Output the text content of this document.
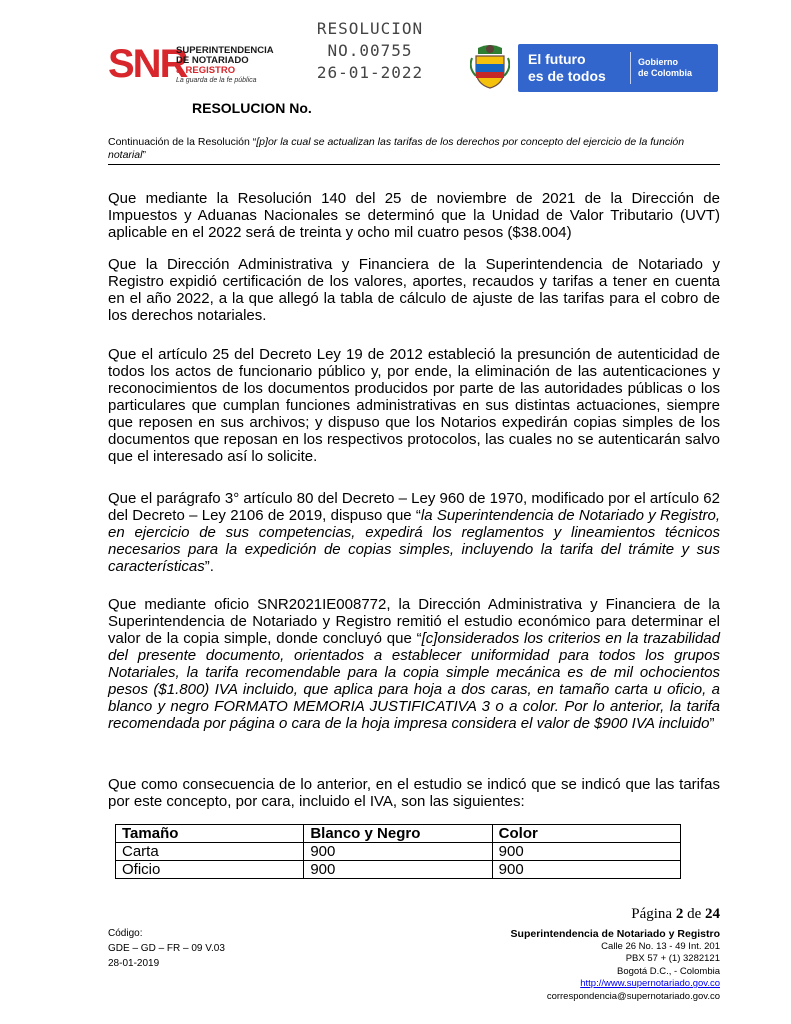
SNR
SUPERINTENDENCIA
DE NOTARIADO
& REGISTRO
La guarda de la fe pública
RESOLUCION
NO.00755
26-01-2022
El futuro
es de todos
Gobierno
de Colombia
RESOLUCION No.
Continuación de la Resolución “[p]or la cual se actualizan las tarifas de los derechos por concepto del ejercicio de la función notarial”
Que mediante la Resolución 140 del 25 de noviembre de 2021 de la Dirección de Impuestos y Aduanas Nacionales se determinó que la Unidad de Valor Tributario (UVT) aplicable en el 2022 será de treinta y ocho mil cuatro pesos ($38.004)
Que la Dirección Administrativa y Financiera de la Superintendencia de Notariado y Registro expidió certificación de los valores, aportes, recaudos y tarifas a tener en cuenta en el año 2022, a la que allegó la tabla de cálculo de ajuste de las tarifas para el cobro de los derechos notariales.
Que el artículo 25 del Decreto Ley 19 de 2012 estableció la presunción de autenticidad de todos los actos de funcionario público y, por ende, la eliminación de las autenticaciones y reconocimientos de los documentos producidos por parte de las autoridades públicas o los particulares que cumplan funciones administrativas en sus distintas actuaciones, siempre que reposen en sus archivos; y dispuso que los Notarios expedirán copias simples de los documentos que reposan en los respectivos protocolos, las cuales no se autenticarán salvo que el interesado así lo solicite.
Que el parágrafo 3° artículo 80 del Decreto – Ley 960 de 1970, modificado por el artículo 62 del Decreto – Ley 2106 de 2019, dispuso que “la Superintendencia de Notariado y Registro, en ejercicio de sus competencias, expedirá los reglamentos y lineamientos técnicos necesarios para la expedición de copias simples, incluyendo la tarifa del trámite y sus características”.
Que mediante oficio SNR2021IE008772, la Dirección Administrativa y Financiera de la Superintendencia de Notariado y Registro remitió el estudio económico para determinar el valor de la copia simple, donde concluyó que “[c]onsiderados los criterios en la trazabilidad del presente documento, orientados a establecer uniformidad para todos los grupos Notariales, la tarifa recomendable para la copia simple mecánica es de mil ochocientos pesos ($1.800) IVA incluido, que aplica para hoja a dos caras, en tamaño carta u oficio, a blanco y negro FORMATO MEMORIA JUSTIFICATIVA 3 o a color. Por lo anterior, la tarifa recomendada por página o cara de la hoja impresa considera el valor de $900 IVA incluido”
Que como consecuencia de lo anterior, en el estudio se indicó que se indicó que las tarifas por este concepto, por cara, incluido el IVA, son las siguientes:
Tamaño	Blanco y Negro	Color
Carta	900	900
Oficio	900	900
Página 2 de 24
Código:
GDE – GD – FR – 09 V.03
28-01-2019
Superintendencia de Notariado y Registro
Calle 26 No. 13 - 49 Int. 201
PBX 57 + (1) 3282121
Bogotá D.C., - Colombia
http://www.supernotariado.gov.co
correspondencia@supernotariado.gov.co
